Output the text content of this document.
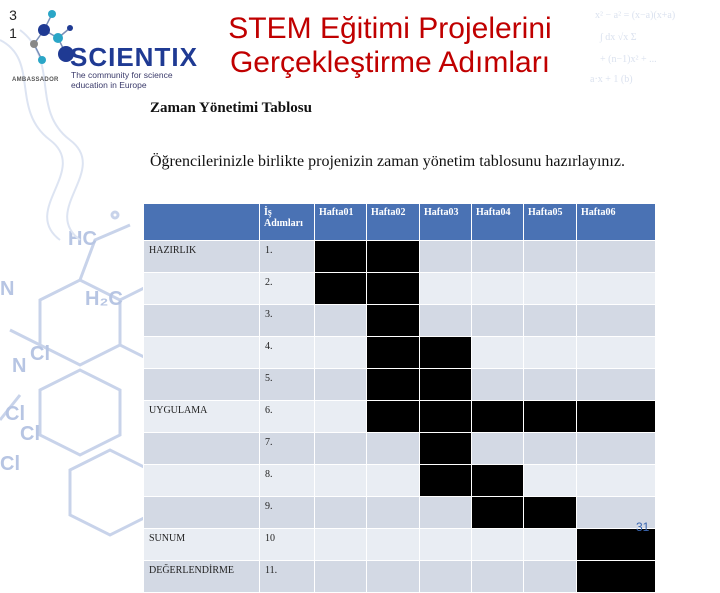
HC
N	H₂C
Cl
N
Cl
Cl
Cl
x² − a² = (x−a)(x+a)
∫ dx √x Σ
+ (n−1)x² + ...
a·x + 1 (b)
3
1
SCIENTIX
The community for science education in Europe
AMBASSADOR
STEM Eğitimi Projelerini Gerçekleştirme Adımları
Zaman Yönetimi Tablosu
Öğrencilerinizle birlikte projenizin zaman yönetim tablosunu hazırlayınız.
	İş Adımları	Hafta01	Hafta02	Hafta03	Hafta04	Hafta05	Hafta06
HAZIRLIK	1.						
	2.						
	3.						
	4.						
	5.						
UYGULAMA	6.						
	7.						
	8.						
	9.						
SUNUM	10						
DEĞERLENDİRME	11.						
31
